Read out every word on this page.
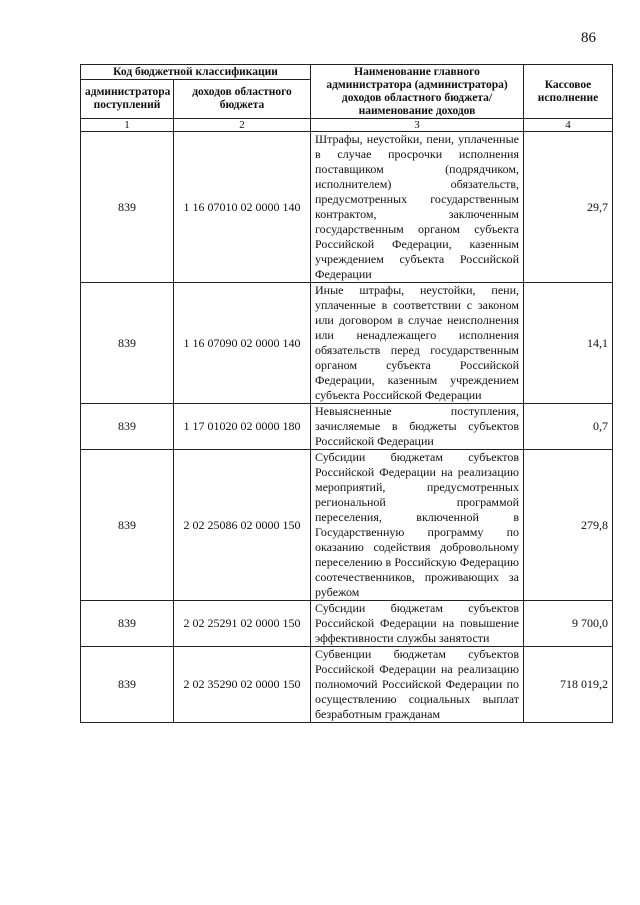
86
Код бюджетной классификации		Наименование главного администратора (администратора) доходов областного бюджета/ наименование доходов	Кассовое исполнение
администратора поступлений	доходов областного бюджета		
1	2	3	4
839	1 16 07010 02 0000 140	Штрафы, неустойки, пени, уплаченные в случае просрочки исполнения поставщиком (подрядчиком, исполнителем) обязательств, предусмотренных государственным контрактом, заключенным государственным органом субъекта Российской Федерации, казенным учреждением субъекта Российской Федерации	29,7
839	1 16 07090 02 0000 140	Иные штрафы, неустойки, пени, уплаченные в соответствии с законом или договором в случае неисполнения или ненадлежащего исполнения обязательств перед государственным органом субъекта Российской Федерации, казенным учреждением субъекта Российской Федерации	14,1
839	1 17 01020 02 0000 180	Невыясненные поступления, зачисляемые в бюджеты субъектов Российской Федерации	0,7
839	2 02 25086 02 0000 150	Субсидии бюджетам субъектов Российской Федерации на реализацию мероприятий, предусмотренных региональной программой переселения, включенной в Государственную программу по оказанию содействия добровольному переселению в Российскую Федерацию соотечественников, проживающих за рубежом	279,8
839	2 02 25291 02 0000 150	Субсидии бюджетам субъектов Российской Федерации на повышение эффективности службы занятости	9 700,0
839	2 02 35290 02 0000 150	Субвенции бюджетам субъектов Российской Федерации на реализацию полномочий Российской Федерации по осуществлению социальных выплат безработным гражданам	718 019,2
